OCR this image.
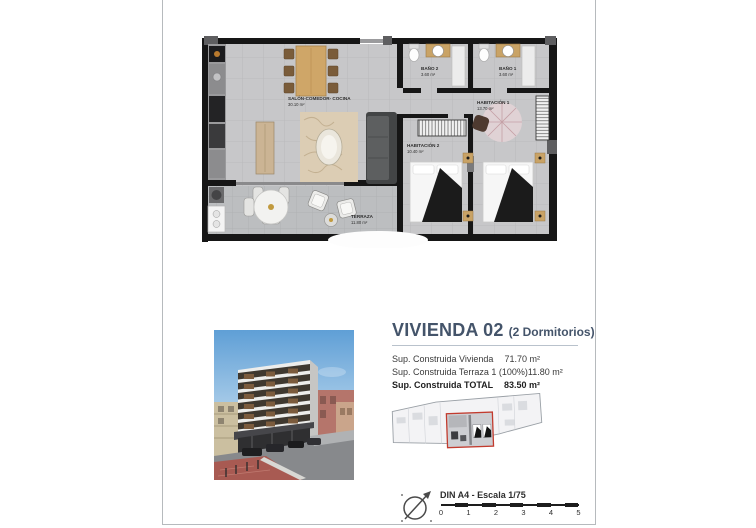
SALÓN-COMEDOR- COCINA
30.10 m²
BAÑO 2
3.60 m²
BAÑO 1
3.60 m²
HABITACIÓN 1
13.70 m²
HABITACIÓN 2
10.40 m²
TERRAZA
11.80 m²
VIVIENDA 02 (2 Dormitorios)
Sup. Construida Vivienda 71.70 m²
Sup. Construida Terraza 1 (100%) 11.80 m²
Sup. Construida TOTAL 83.50 m²
DIN A4 - Escala 1/75
0	1	2	3	4	5
